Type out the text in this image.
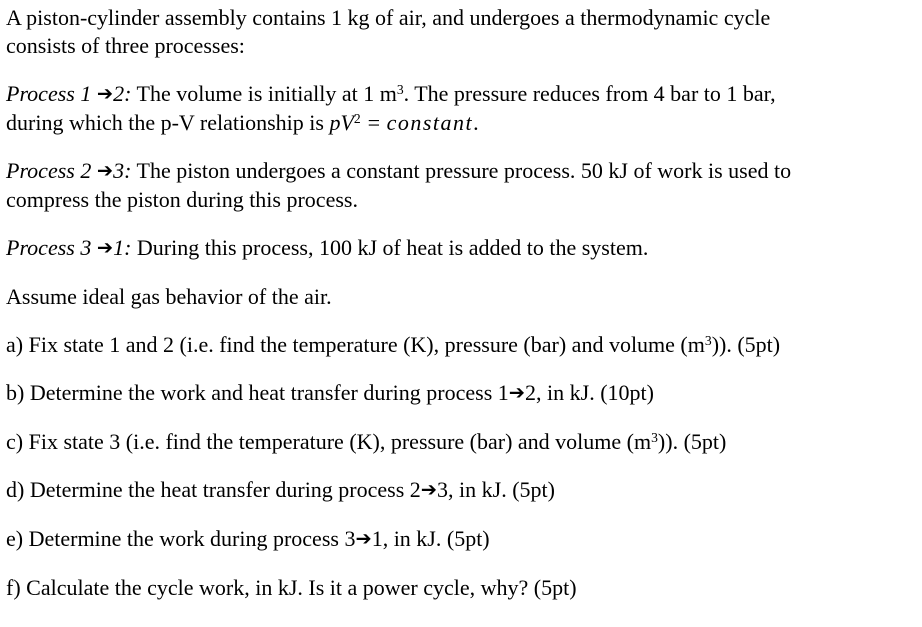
A piston-cylinder assembly contains 1 kg of air, and undergoes a thermodynamic cycle
consists of three processes:
Process 1 ➔2: The volume is initially at 1 $m^3$. The pressure reduces from 4 bar to 1 bar,
during which the p-V relationship is $pV^2$ = constant.
Process 2 ➔3: The piston undergoes a constant pressure process. 50 kJ of work is used to
compress the piston during this process.
Process 3 ➔1: During this process, 100 kJ of heat is added to the system.
Assume ideal gas behavior of the air.
a) Fix state 1 and 2 (i.e. find the temperature (K), pressure (bar) and volume $(m^3)$). (5pt)
b) Determine the work and heat transfer during process 1➔2, in kJ. (10pt)
c) Fix state 3 (i.e. find the temperature (K), pressure (bar) and volume $(m^3)$). (5pt)
d) Determine the heat transfer during process 2➔3, in kJ. (5pt)
e) Determine the work during process 3➔1, in kJ. (5pt)
f) Calculate the cycle work, in kJ. Is it a power cycle, why? (5pt)
